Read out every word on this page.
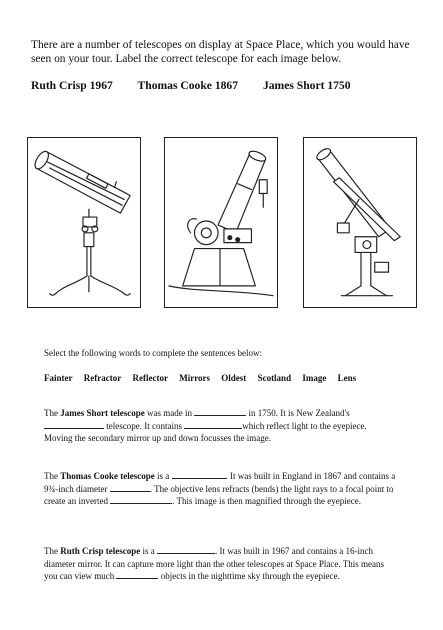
There are a number of telescopes on display at Space Place, which you would have seen on your tour. Label the correct telescope for each image below.
Ruth Crisp 1967 Thomas Cooke 1867 James Short 1750
Select the following words to complete the sentences below:
Fainter Refractor Reflector Mirrors Oldest Scotland Image Lens
The James Short telescope was made in	in 1750. It is New Zealand's  telescope. It contains	which reflect light to the eyepiece. Moving the secondary mirror up and down focusses the image.
The Thomas Cooke telescope is a	. It was built in England in 1867 and contains a 9¾-inch diameter	. The objective lens refracts (bends) the light rays to a focal point to create an inverted	. This image is then magnified through the eyepiece.
The Ruth Crisp telescope is a	. It was built in 1967 and contains a 16-inch diameter mirror. It can capture more light than the other telescopes at Space Place. This means you can view much	objects in the nighttime sky through the eyepiece.
